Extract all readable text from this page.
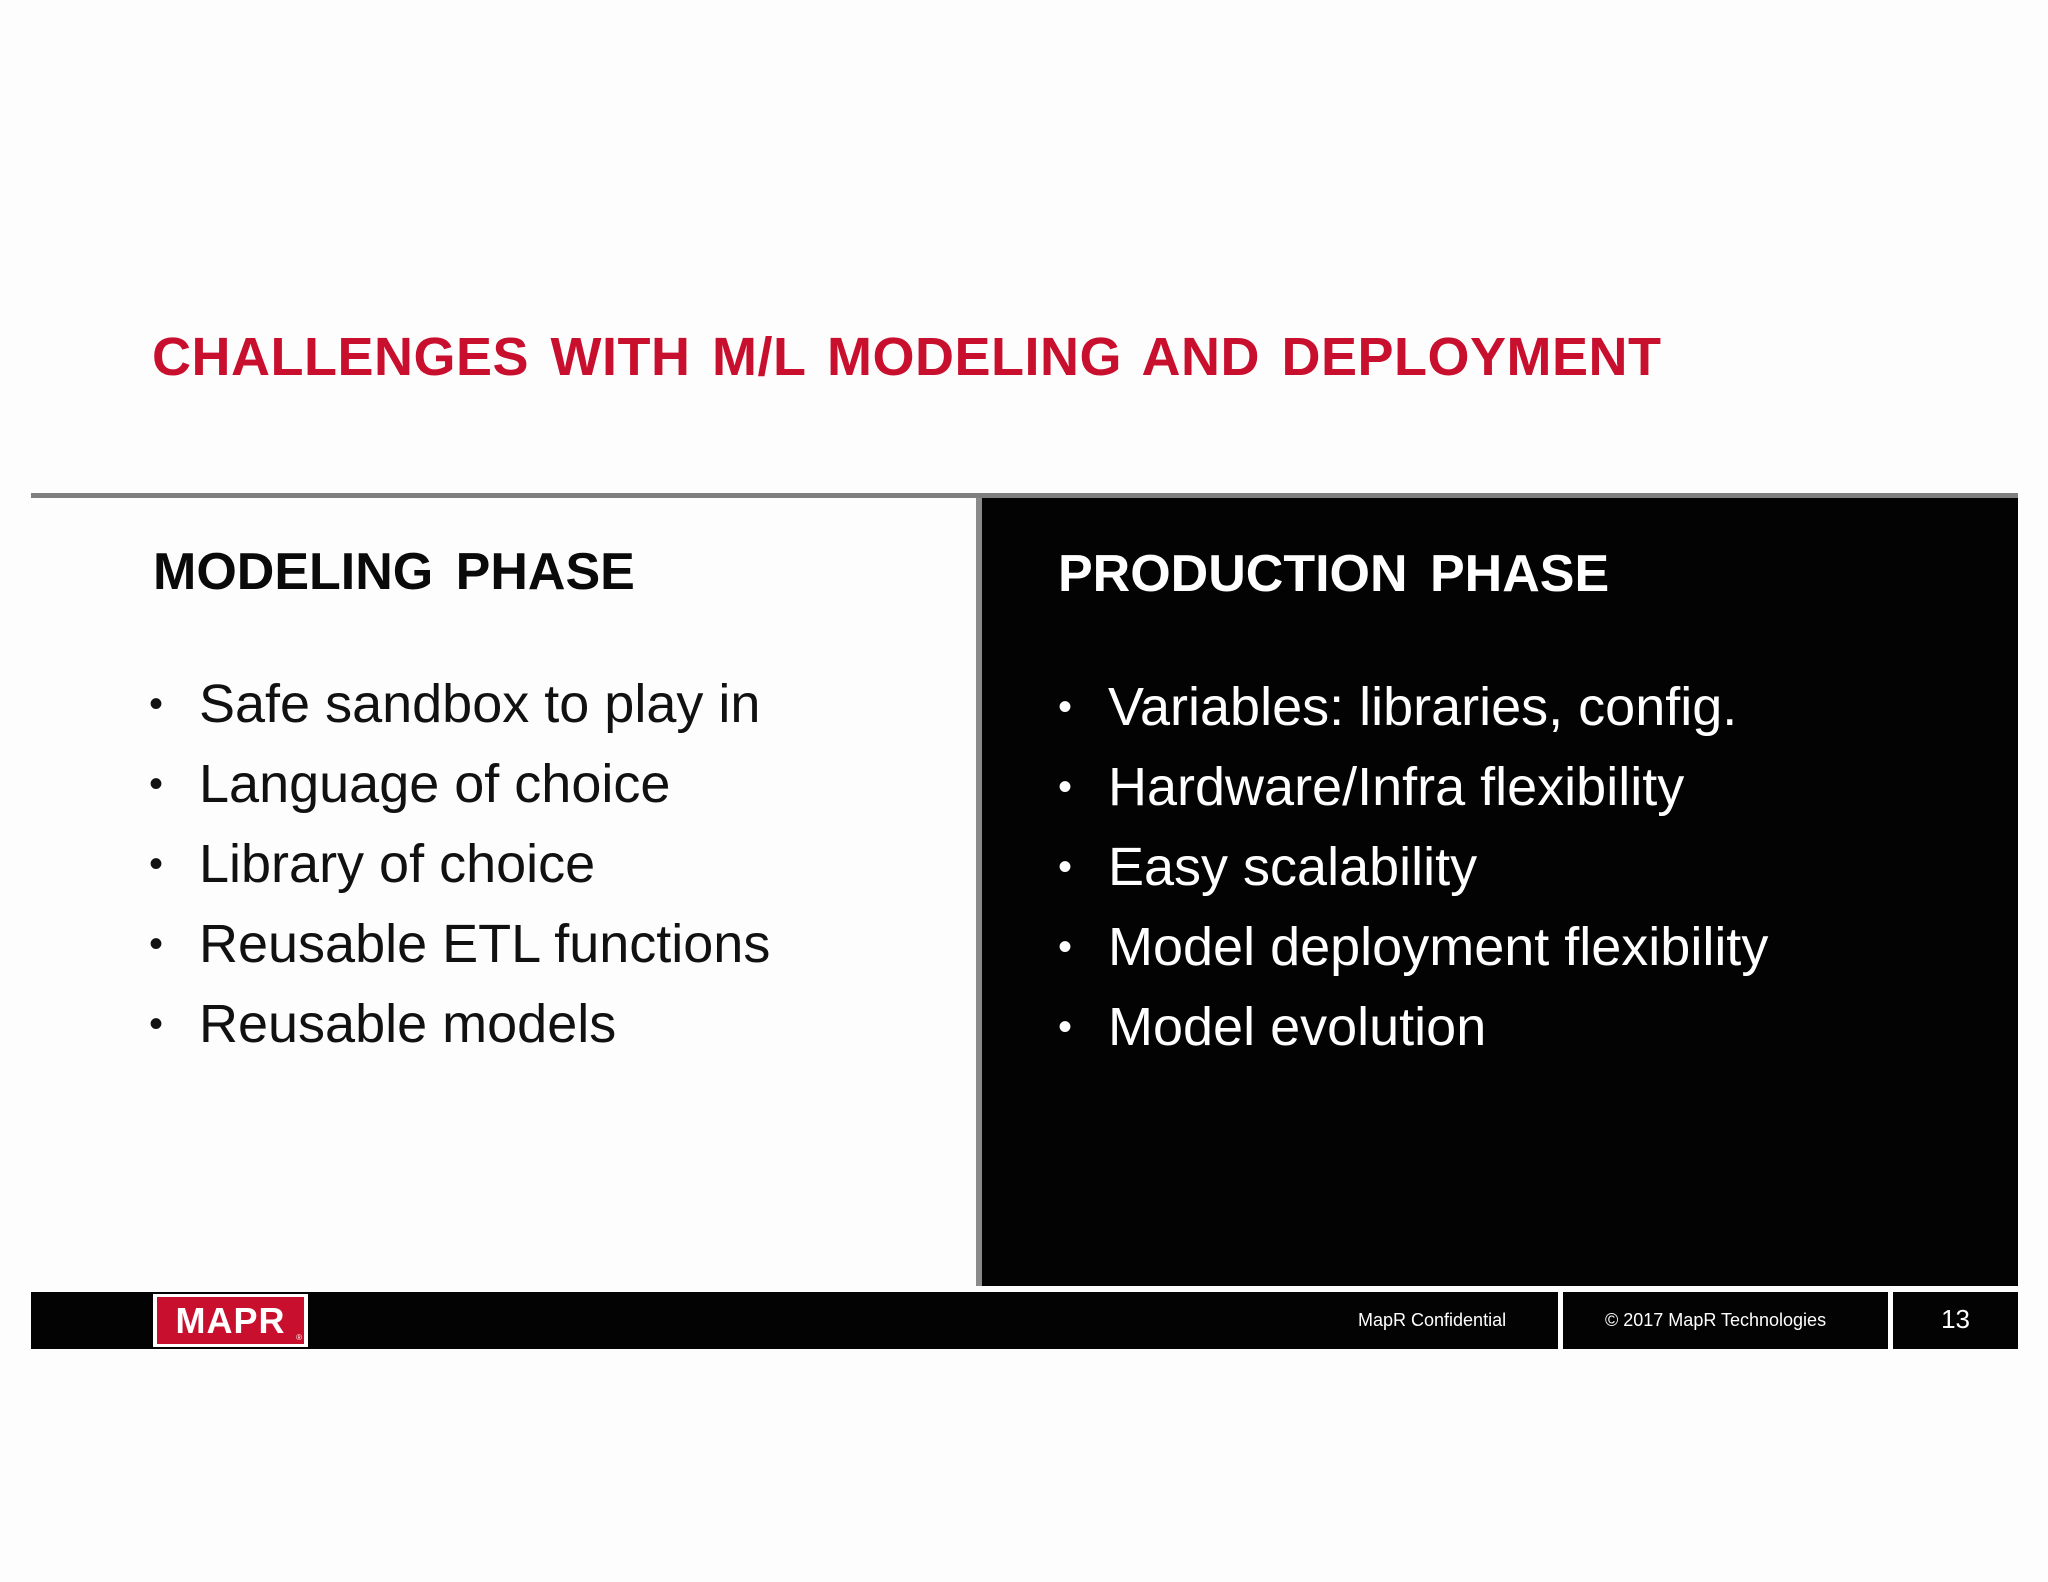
CHALLENGES WITH M/L MODELING AND DEPLOYMENT
MODELING PHASE
• Safe sandbox to play in
• Language of choice
• Library of choice
• Reusable ETL functions
• Reusable models
PRODUCTION PHASE
• Variables: libraries, config.
• Hardware/Infra flexibility
• Easy scalability
• Model deployment flexibility
• Model evolution
MAPR ®
MapR Confidential	© 2017 MapR Technologies	13
